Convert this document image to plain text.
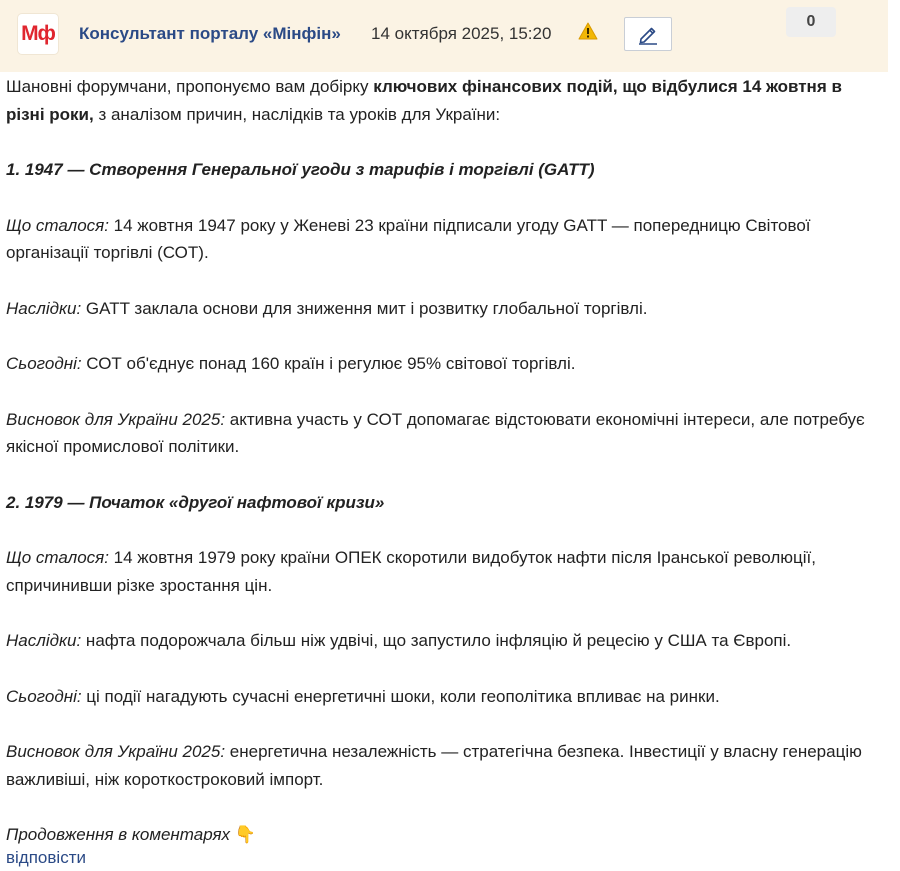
Мф Консультант порталу «Мінфін» 14 октября 2025, 15:20
0

Шановні форумчани, пропонуємо вам добірку ключових фінансових подій, що відбулися 14 жовтня в різні роки, з аналізом причин, наслідків та уроків для України:

1. 1947 — Створення Генеральної угоди з тарифів і торгівлі (GATT)

Що сталося: 14 жовтня 1947 року у Женеві 23 країни підписали угоду GATT — попередницю Світової організації торгівлі (СОТ).

Наслідки: GATT заклала основи для зниження мит і розвитку глобальної торгівлі.

Сьогодні: СОТ об'єднує понад 160 країн і регулює 95% світової торгівлі.

Висновок для України 2025: активна участь у СОТ допомагає відстоювати економічні інтереси, але потребує якісної промислової політики.

2. 1979 — Початок «другої нафтової кризи»

Що сталося: 14 жовтня 1979 року країни ОПЕК скоротили видобуток нафти після Іранської революції, спричинивши різке зростання цін.

Наслідки: нафта подорожчала більш ніж удвічі, що запустило інфляцію й рецесію у США та Європі.

Сьогодні: ці події нагадують сучасні енергетичні шоки, коли геополітика впливає на ринки.

Висновок для України 2025: енергетична незалежність — стратегічна безпека. Інвестиції у власну генерацію важливіші, ніж короткостроковий імпорт.

Продовження в коментарях 👇

відповісти
